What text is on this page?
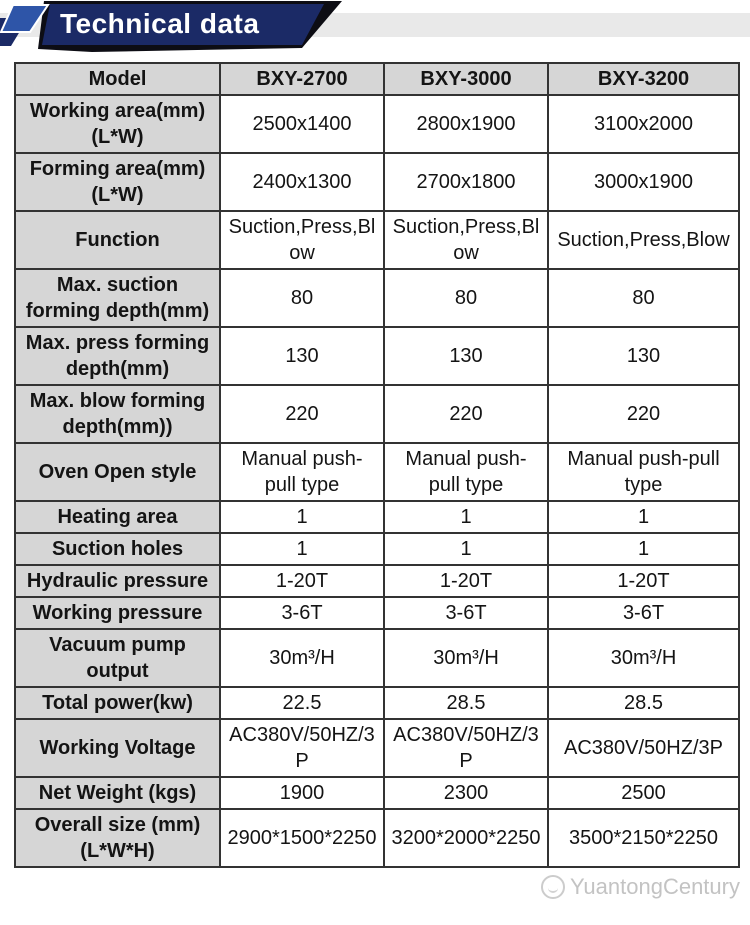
Technical data
Model	BXY-2700	BXY-3000	BXY-3200
Working area(mm)(L*W)	2500x1400	2800x1900	3100x2000
Forming area(mm)(L*W)	2400x1300	2700x1800	3000x1900
Function	Suction,Press,Blow	Suction,Press,Blow	Suction,Press,Blow
Max. suction forming depth(mm)	80	80	80
Max. press forming depth(mm)	130	130	130
Max. blow forming depth(mm))	220	220	220
Oven Open style	Manual push-pull type	Manual push-pull type	Manual push-pull type
Heating area	1	1	1
Suction holes	1	1	1
Hydraulic pressure	1-20T	1-20T	1-20T
Working pressure	3-6T	3-6T	3-6T
Vacuum pump output	30m³/H	30m³/H	30m³/H
Total power(kw)	22.5	28.5	28.5
Working Voltage	AC380V/50HZ/3P	AC380V/50HZ/3P	AC380V/50HZ/3P
Net Weight (kgs)	1900	2300	2500
Overall size (mm) (L*W*H)	2900*1500*2250	3200*2000*2250	3500*2150*2250
YuantongCentury
